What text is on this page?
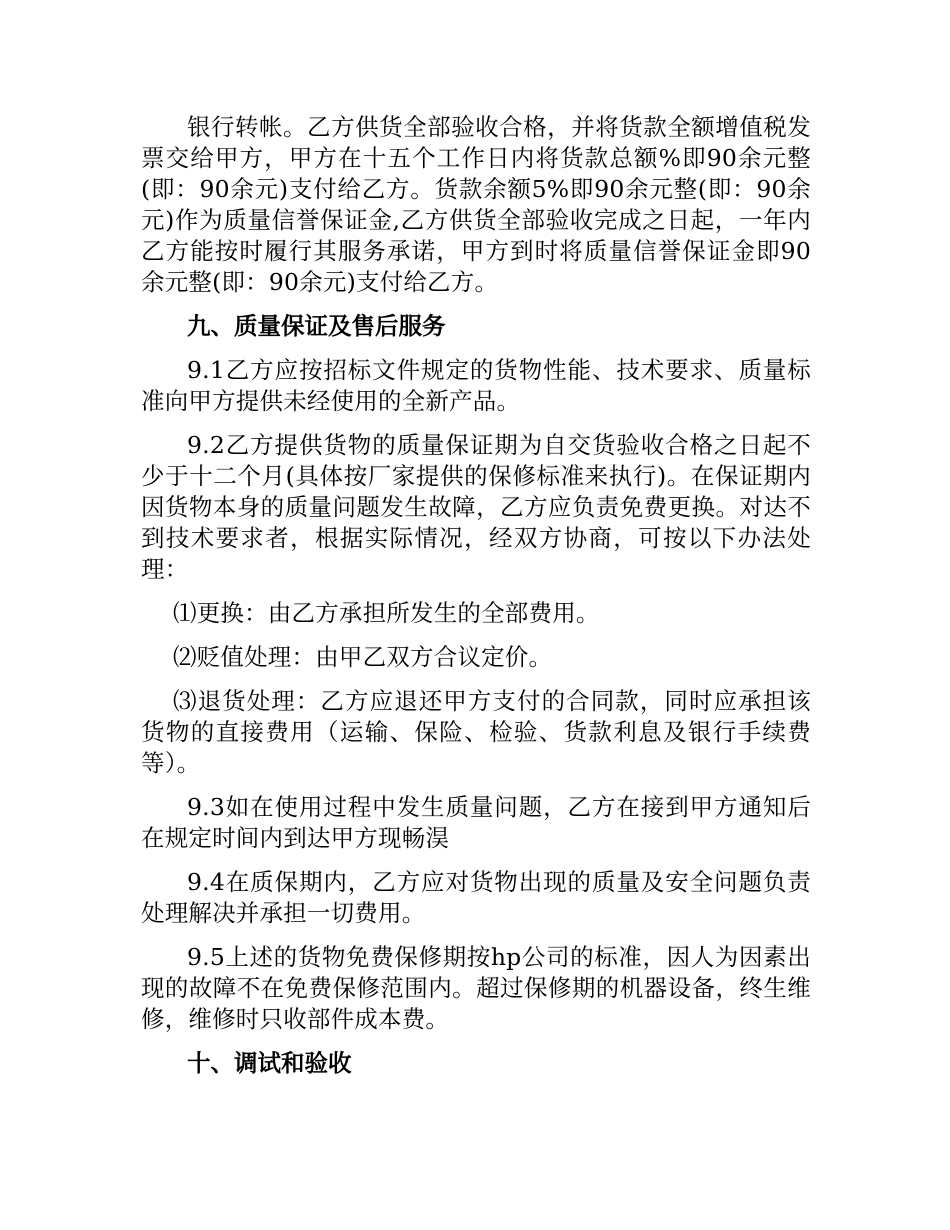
银行转帐。乙方供货全部验收合格，并将货款全额增值税发票交给甲方，甲方在十五个工作日内将货款总额%即90余元整(即：90余元)支付给乙方。货款余额5%即90余元整(即：90余元)作为质量信誉保证金,乙方供货全部验收完成之日起，一年内乙方能按时履行其服务承诺，甲方到时将质量信誉保证金即90余元整(即：90余元)支付给乙方。

九、质量保证及售后服务

9.1乙方应按招标文件规定的货物性能、技术要求、质量标准向甲方提供未经使用的全新产品。

9.2乙方提供货物的质量保证期为自交货验收合格之日起不少于十二个月(具体按厂家提供的保修标准来执行)。在保证期内因货物本身的质量问题发生故障，乙方应负责免费更换。对达不到技术要求者，根据实际情况，经双方协商，可按以下办法处理：

⑴更换：由乙方承担所发生的全部费用。

⑵贬值处理：由甲乙双方合议定价。

⑶退货处理：乙方应退还甲方支付的合同款，同时应承担该货物的直接费用（运输、保险、检验、货款利息及银行手续费等）。

9.3如在使用过程中发生质量问题，乙方在接到甲方通知后在规定时间内到达甲方现畅淏

9.4在质保期内，乙方应对货物出现的质量及安全问题负责处理解决并承担一切费用。

9.5上述的货物免费保修期按hp公司的标准，因人为因素出现的故障不在免费保修范围内。超过保修期的机器设备，终生维修，维修时只收部件成本费。

十、调试和验收
